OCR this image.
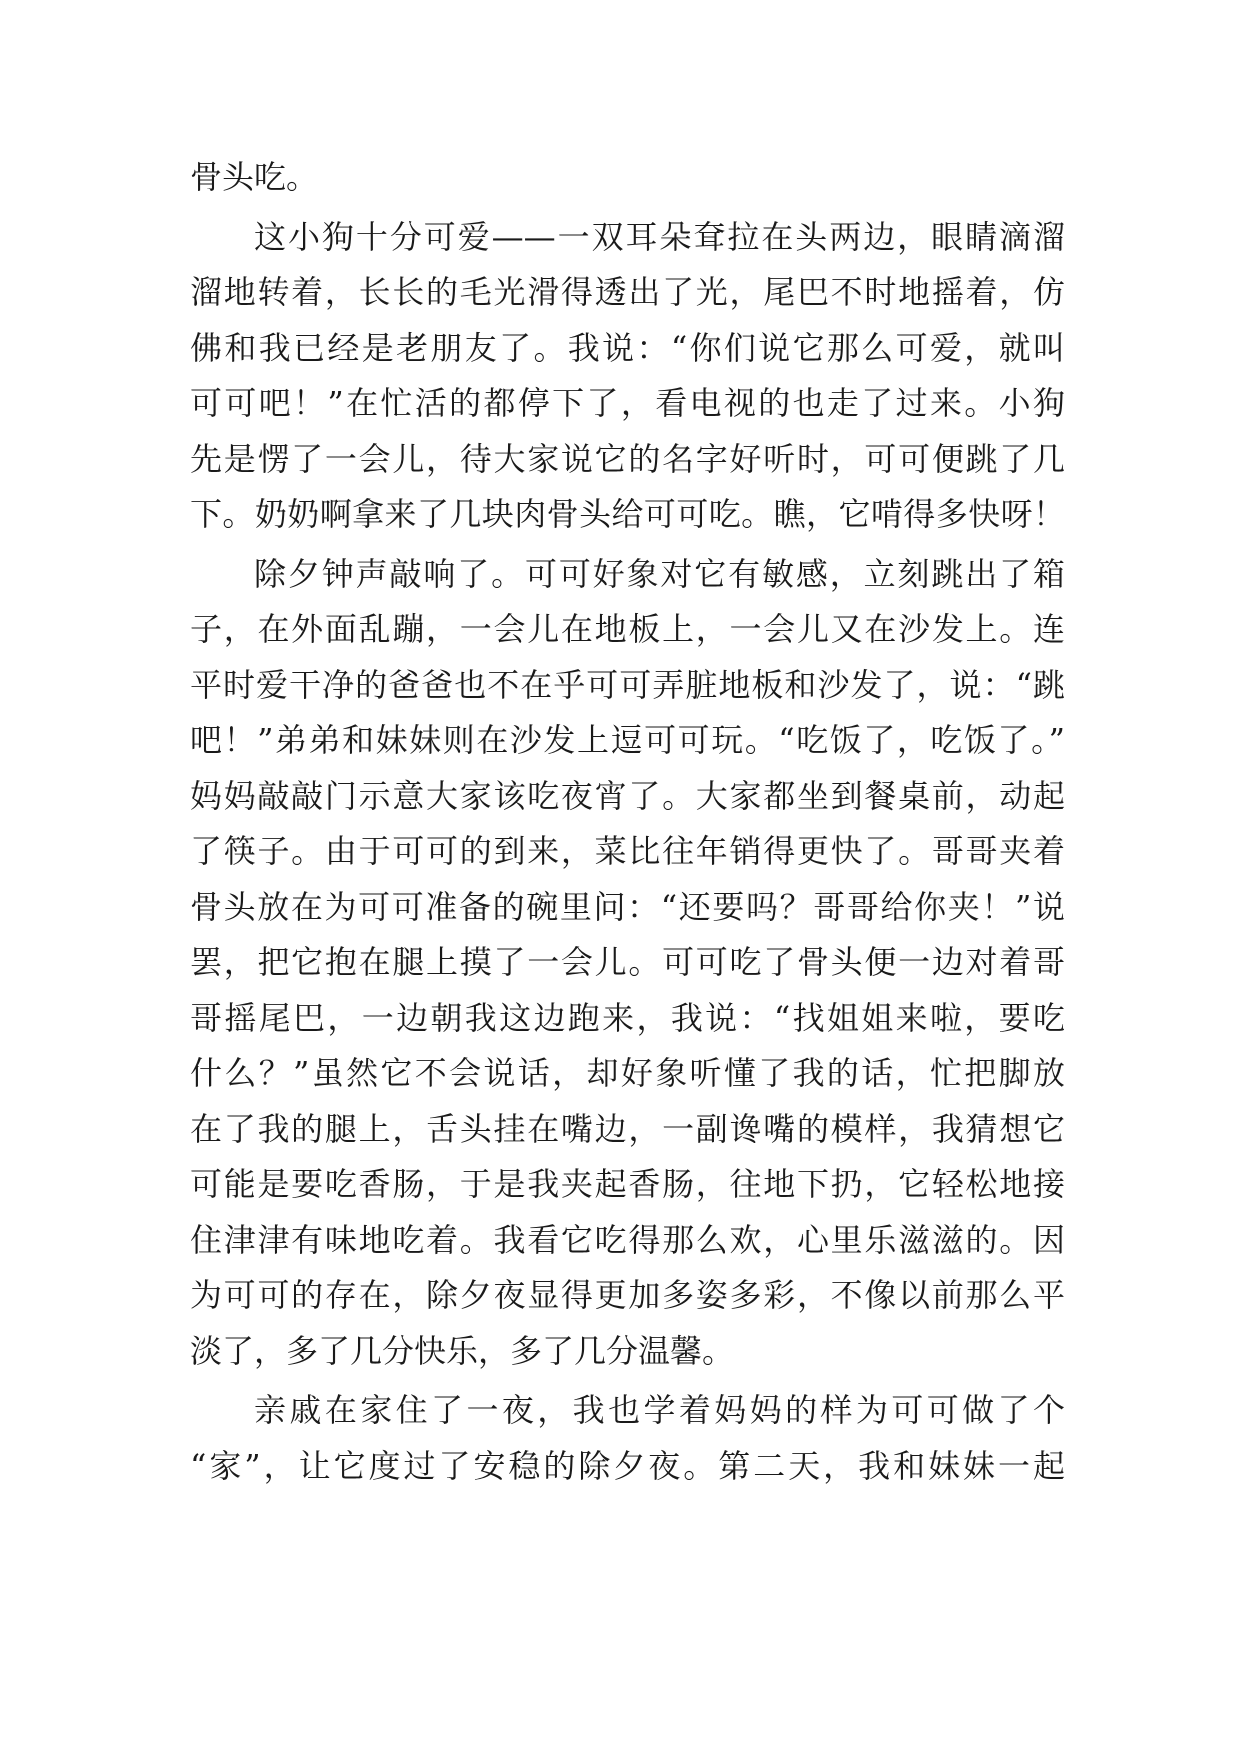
骨头吃。
这小狗十分可爱——一双耳朵耷拉在头两边，眼睛滴溜
溜地转着，长长的毛光滑得透出了光，尾巴不时地摇着，仿
佛和我已经是老朋友了。我说：“你们说它那么可爱，就叫
可可吧！”在忙活的都停下了，看电视的也走了过来。小狗
先是愣了一会儿，待大家说它的名字好听时，可可便跳了几
下。奶奶啊拿来了几块肉骨头给可可吃。瞧，它啃得多快呀！
除夕钟声敲响了。可可好象对它有敏感，立刻跳出了箱
子，在外面乱蹦，一会儿在地板上，一会儿又在沙发上。连
平时爱干净的爸爸也不在乎可可弄脏地板和沙发了，说：“跳
吧！”弟弟和妹妹则在沙发上逗可可玩。“吃饭了，吃饭了。”
妈妈敲敲门示意大家该吃夜宵了。大家都坐到餐桌前，动起
了筷子。由于可可的到来，菜比往年销得更快了。哥哥夹着
骨头放在为可可准备的碗里问：“还要吗？哥哥给你夹！”说
罢，把它抱在腿上摸了一会儿。可可吃了骨头便一边对着哥
哥摇尾巴，一边朝我这边跑来，我说：“找姐姐来啦，要吃
什么？”虽然它不会说话，却好象听懂了我的话，忙把脚放
在了我的腿上，舌头挂在嘴边，一副谗嘴的模样，我猜想它
可能是要吃香肠，于是我夹起香肠，往地下扔，它轻松地接
住津津有味地吃着。我看它吃得那么欢，心里乐滋滋的。因
为可可的存在，除夕夜显得更加多姿多彩，不像以前那么平
淡了，多了几分快乐，多了几分温馨。
亲戚在家住了一夜，我也学着妈妈的样为可可做了个
“家”，让它度过了安稳的除夕夜。第二天，我和妹妹一起
